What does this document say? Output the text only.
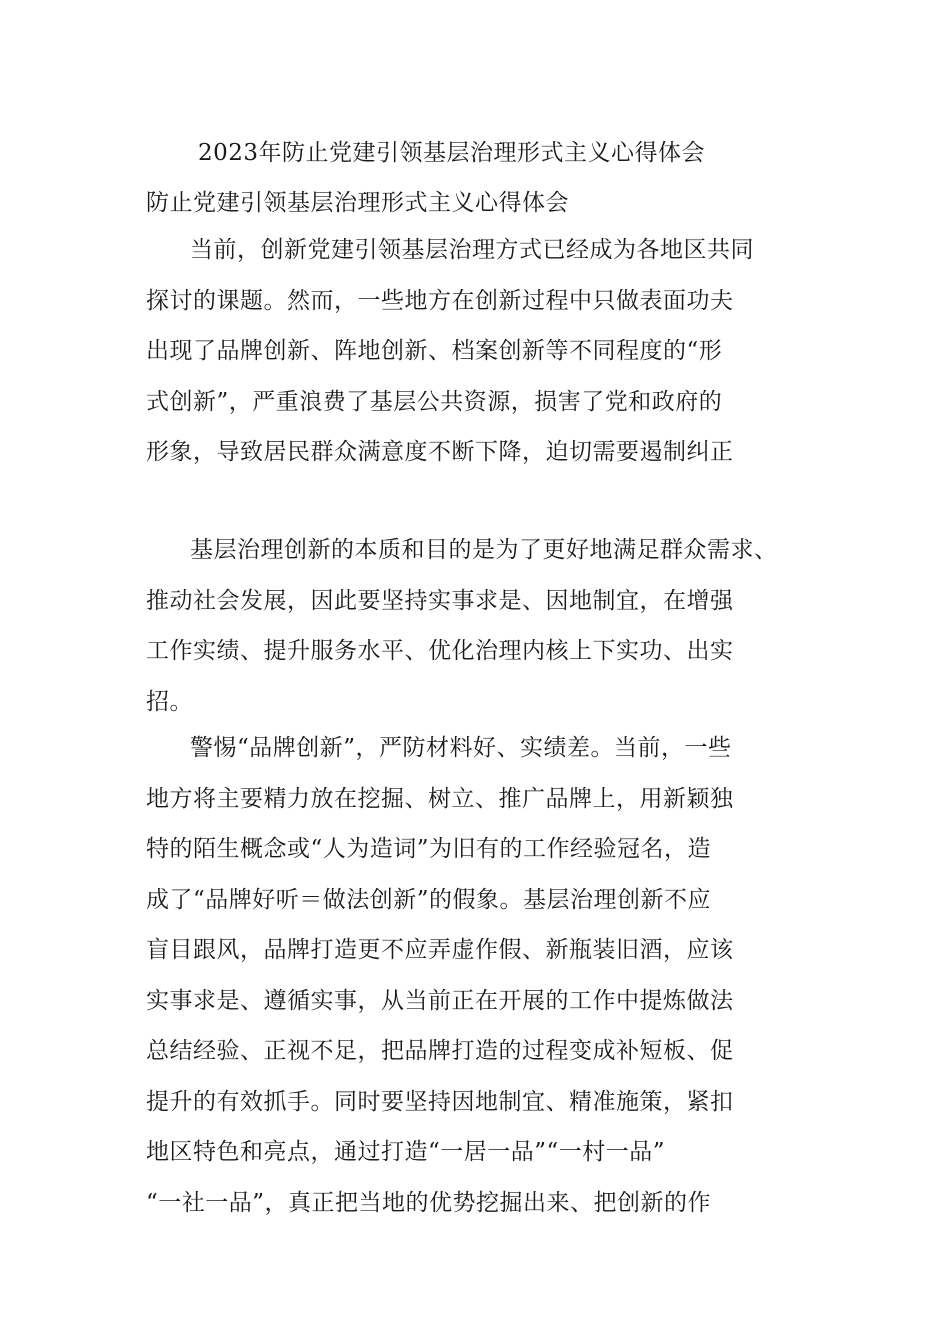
2023年防止党建引领基层治理形式主义心得体会
防止党建引领基层治理形式主义心得体会
当前，创新党建引领基层治理方式已经成为各地区共同
探讨的课题。然而，一些地方在创新过程中只做表面功夫
出现了品牌创新、阵地创新、档案创新等不同程度的“形
式创新”，严重浪费了基层公共资源，损害了党和政府的
形象，导致居民群众满意度不断下降，迫切需要遏制纠正
基层治理创新的本质和目的是为了更好地满足群众需求、
推动社会发展，因此要坚持实事求是、因地制宜，在增强
工作实绩、提升服务水平、优化治理内核上下实功、出实
招。
警惕“品牌创新”，严防材料好、实绩差。当前，一些
地方将主要精力放在挖掘、树立、推广品牌上，用新颖独
特的陌生概念或“人为造词”为旧有的工作经验冠名，造
成了“品牌好听＝做法创新”的假象。基层治理创新不应
盲目跟风，品牌打造更不应弄虚作假、新瓶装旧酒，应该
实事求是、遵循实事，从当前正在开展的工作中提炼做法
总结经验、正视不足，把品牌打造的过程变成补短板、促
提升的有效抓手。同时要坚持因地制宜、精准施策，紧扣
地区特色和亮点，通过打造“一居一品”“一村一品”
“一社一品”，真正把当地的优势挖掘出来、把创新的作
